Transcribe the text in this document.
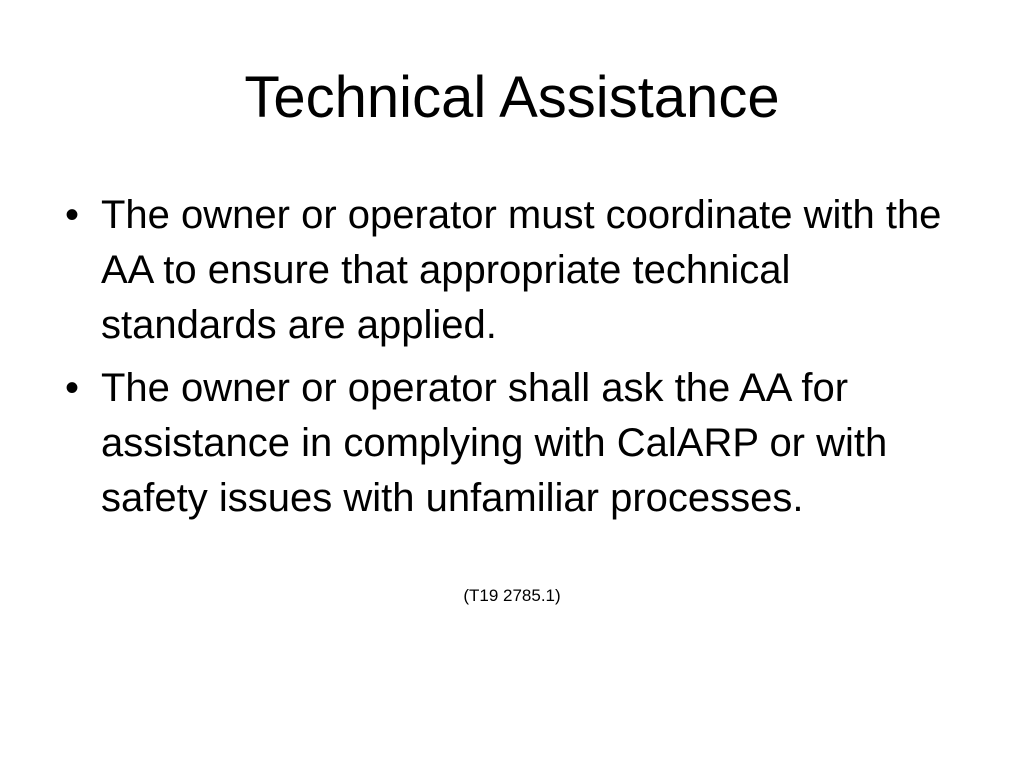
Technical Assistance
• The owner or operator must coordinate with the AA to ensure that appropriate technical standards are applied.
• The owner or operator shall ask the AA for assistance in complying with CalARP or with safety issues with unfamiliar processes.
(T19 2785.1)
